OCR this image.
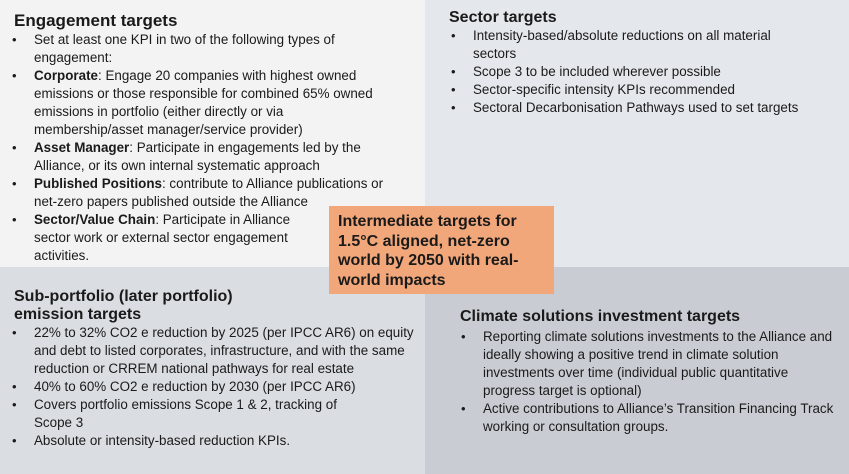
Engagement targets
• Set at least one KPI in two of the following types of engagement:
• Corporate: Engage 20 companies with highest owned emissions or those responsible for combined 65% owned emissions in portfolio (either directly or via membership/asset manager/service provider)
• Asset Manager: Participate in engagements led by the Alliance, or its own internal systematic approach
• Published Positions: contribute to Alliance publications or net-zero papers published outside the Alliance
• Sector/Value Chain: Participate in Alliance sector work or external sector engagement activities.
Sector targets
• Intensity-based/absolute reductions on all material sectors
• Scope 3 to be included wherever possible
• Sector-specific intensity KPIs recommended
• Sectoral Decarbonisation Pathways used to set targets
Sub-portfolio (later portfolio)
emission targets
• 22% to 32% CO2 e reduction by 2025 (per IPCC AR6) on equity and debt to listed corporates, infrastructure, and with the same reduction or CRREM national pathways for real estate
• 40% to 60% CO2 e reduction by 2030 (per IPCC AR6)
• Covers portfolio emissions Scope 1 & 2, tracking of Scope 3
• Absolute or intensity-based reduction KPIs.
Climate solutions investment targets
• Reporting climate solutions investments to the Alliance and ideally showing a positive trend in climate solution investments over time (individual public quantitative progress target is optional)
• Active contributions to Alliance’s Transition Financing Track working or consultation groups.
Intermediate targets for 1.5°C aligned, net-zero world by 2050 with real-world impacts
